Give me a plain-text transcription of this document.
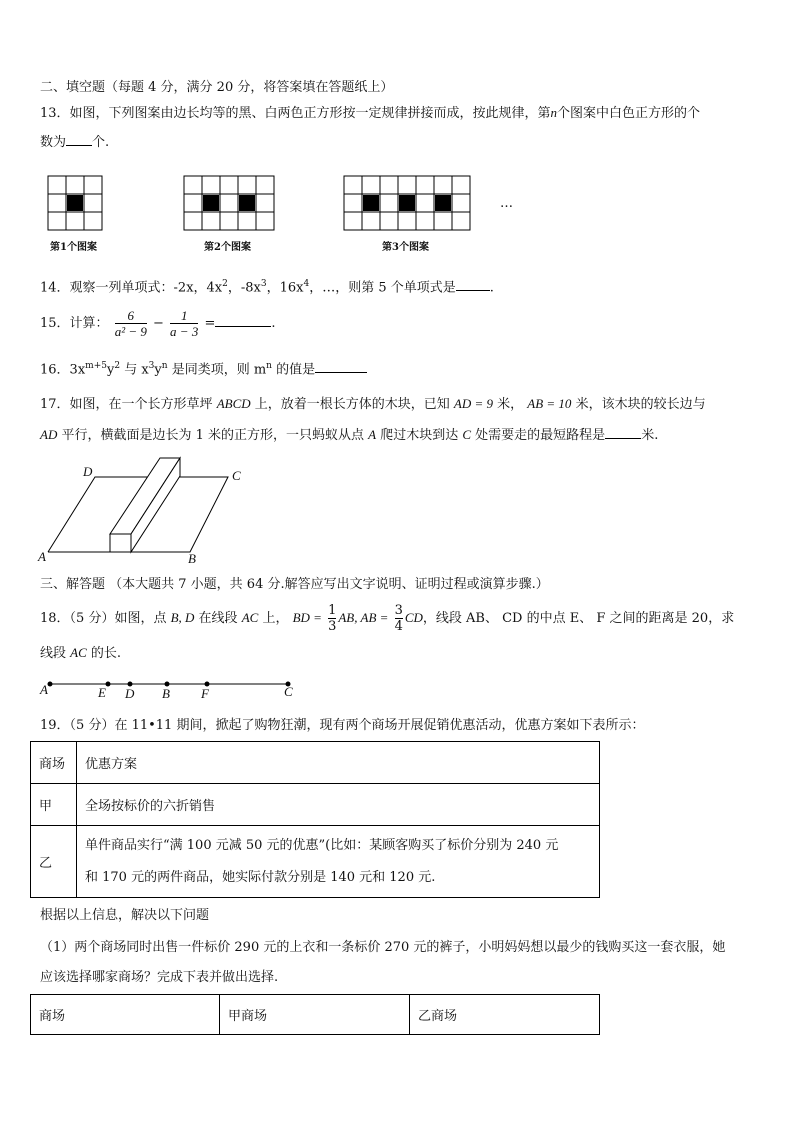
二、填空题（每题 4 分，满分 20 分，将答案填在答题纸上）
13．如图，下列图案由边长均等的黑、白两色正方形按一定规律拼接而成，按此规律，第n个图案中白色正方形的个
数为 个.
…
第1个图案	第2个图案	第3个图案
14．观察一列单项式：-2x，$4x^2$，$-8x^3$，$16x^4$，…，则第 5 个单项式是	.
15．计算： $\frac{6}{\text{a² − 9}} - \frac{1}{a - 3}$ =	.
16．$3x^{m+5}y^2$ 与 $x^3y^n$ 是同类项，则 $m^n$ 的值是
17．如图，在一个长方形草坪 ABCD 上，放着一根长方体的木块，已知 AD = 9 米， AB = 10 米，该木块的较长边与
AD 平行，横截面是边长为 1 米的正方形，一只蚂蚁从点 A 爬过木块到达 C 处需要走的最短路程是	米.
D	C
A	B
三、解答题 （本大题共 7 小题，共 64 分.解答应写出文字说明、证明过程或演算步骤.）
18．（5 分）如图，点 B, D 在线段 AC 上， BD = $\frac{1}{3}$ AB, AB = $\frac{3}{4}$ CD，线段 AB、 CD 的中点 E、 F 之间的距离是 20，求
线段 AC 的长.
A	E D B F	C
19．（5 分）在 11•11 期间，掀起了购物狂潮，现有两个商场开展促销优惠活动，优惠方案如下表所示：
商场	优惠方案
甲	全场按标价的六折销售
乙	单件商品实行“满 100 元减 50 元的优惠”(比如：某顾客购买了标价分别为 240 元
和 170 元的两件商品，她实际付款分别是 140 元和 120 元.
根据以上信息，解决以下问题
（1）两个商场同时出售一件标价 290 元的上衣和一条标价 270 元的裤子，小明妈妈想以最少的钱购买这一套衣服，她
应该选择哪家商场？完成下表并做出选择.
商场	甲商场	乙商场
